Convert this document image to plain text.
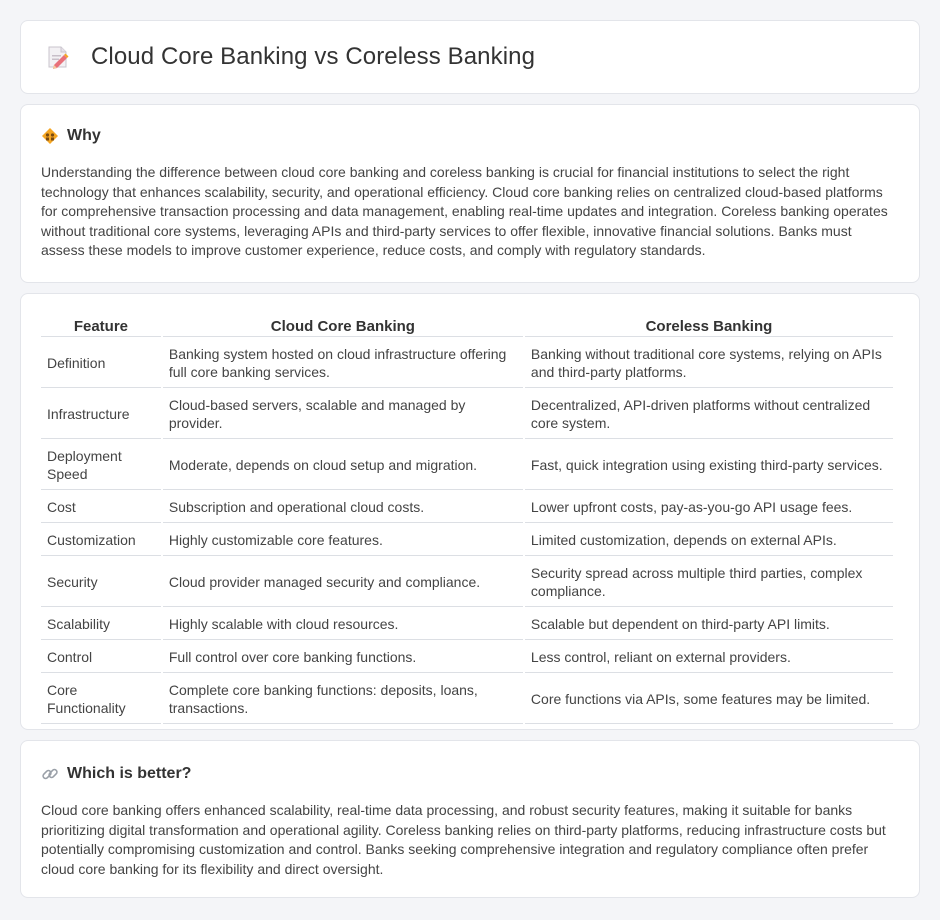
Cloud Core Banking vs Coreless Banking
Why

Understanding the difference between cloud core banking and coreless banking is crucial for financial institutions to select the right technology that enhances scalability, security, and operational efficiency. Cloud core banking relies on centralized cloud-based platforms for comprehensive transaction processing and data management, enabling real-time updates and integration. Coreless banking operates without traditional core systems, leveraging APIs and third-party services to offer flexible, innovative financial solutions. Banks must assess these models to improve customer experience, reduce costs, and comply with regulatory standards.

Feature	Cloud Core Banking	Coreless Banking
Definition	Banking system hosted on cloud infrastructure offering full core banking services.	Banking without traditional core systems, relying on APIs and third-party platforms.
Infrastructure	Cloud-based servers, scalable and managed by provider.	Decentralized, API-driven platforms without centralized core system.
Deployment Speed	Moderate, depends on cloud setup and migration.	Fast, quick integration using existing third-party services.
Cost	Subscription and operational cloud costs.	Lower upfront costs, pay-as-you-go API usage fees.
Customization	Highly customizable core features.	Limited customization, depends on external APIs.
Security	Cloud provider managed security and compliance.	Security spread across multiple third parties, complex compliance.
Scalability	Highly scalable with cloud resources.	Scalable but dependent on third-party API limits.
Control	Full control over core banking functions.	Less control, reliant on external providers.
Core Functionality	Complete core banking functions: deposits, loans, transactions.	Core functions via APIs, some features may be limited.
Which is better?

Cloud core banking offers enhanced scalability, real-time data processing, and robust security features, making it suitable for banks prioritizing digital transformation and operational agility. Coreless banking relies on third-party platforms, reducing infrastructure costs but potentially compromising customization and control. Banks seeking comprehensive integration and regulatory compliance often prefer cloud core banking for its flexibility and direct oversight.
